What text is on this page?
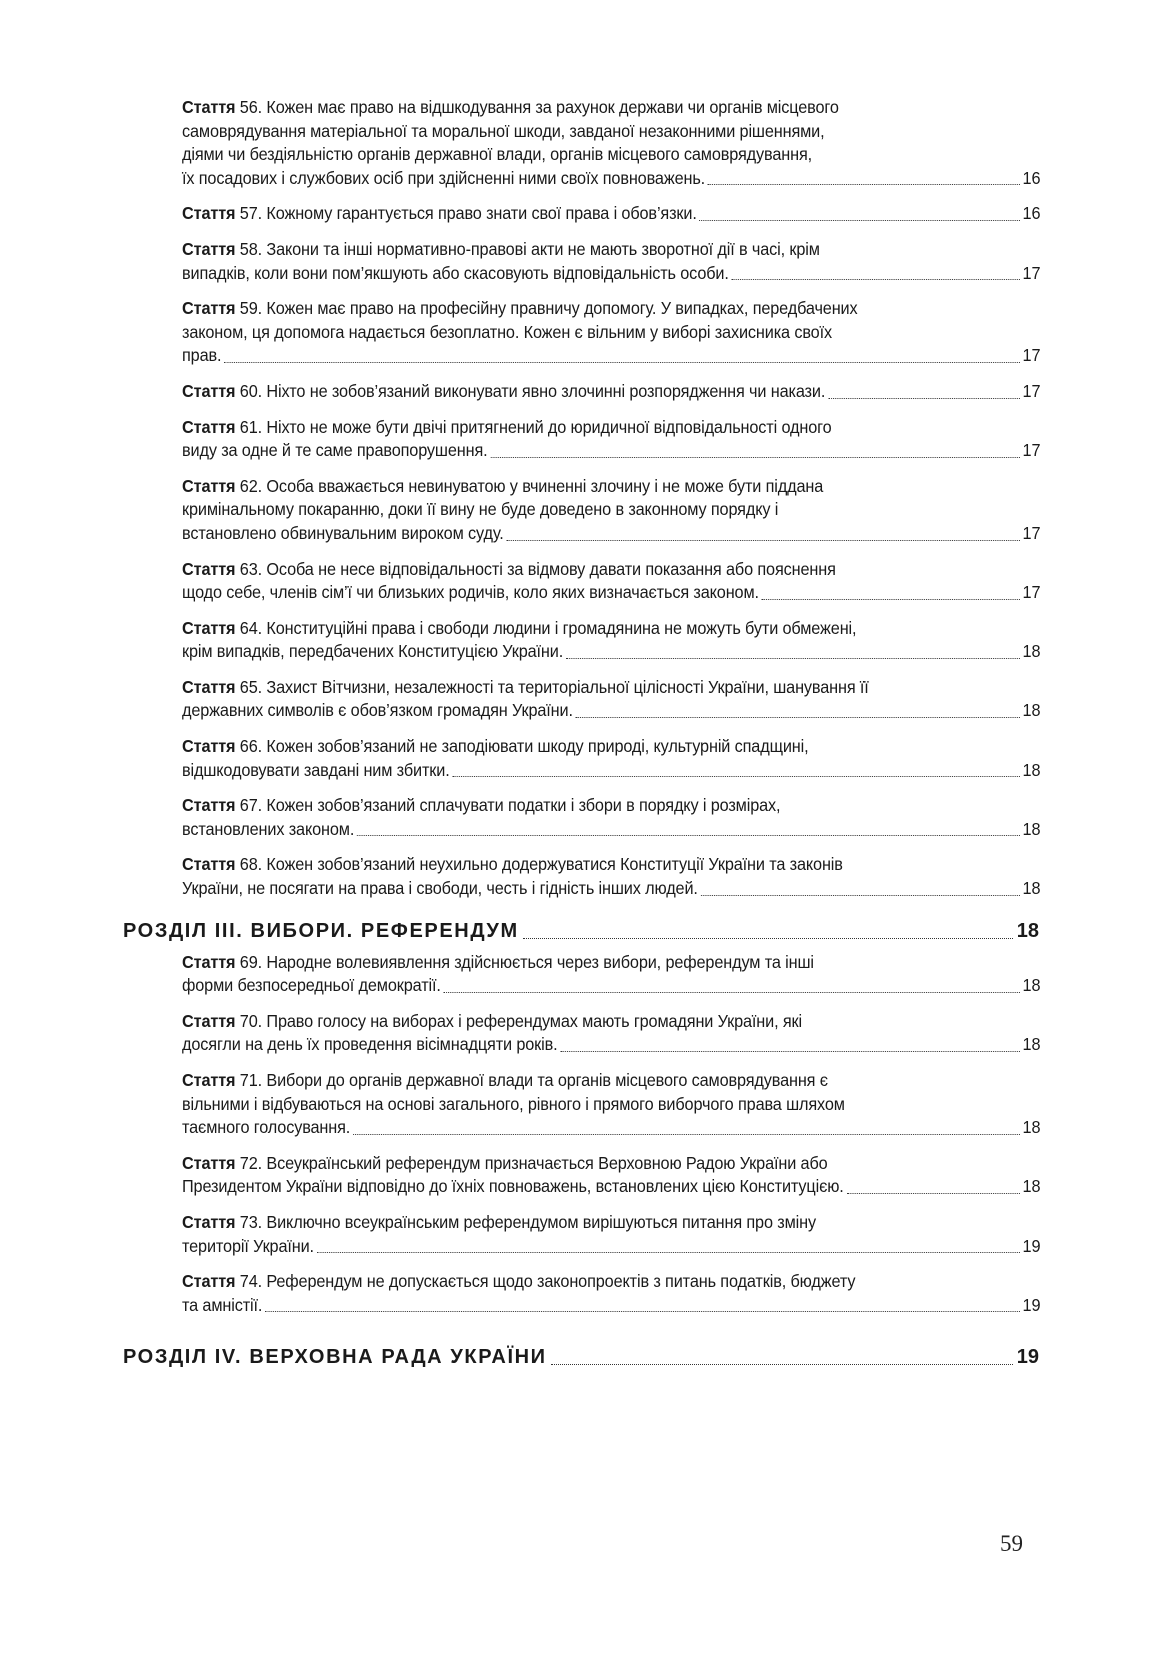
Стаття 56. Кожен має право на відшкодування за рахунок держави чи органів місцевого
самоврядування матеріальної та моральної шкоди, завданої незаконними рішеннями,
діями чи бездіяльністю органів державної влади, органів місцевого самоврядування,
їх посадових і службових осіб при здійсненні ними своїх повноважень.	16
Стаття 57. Кожному гарантується право знати свої права і обов’язки.	16
Стаття 58. Закони та інші нормативно-правові акти не мають зворотної дії в часі, крім
випадків, коли вони пом’якшують або скасовують відповідальність особи.	17
Стаття 59. Кожен має право на професійну правничу допомогу. У випадках, передбачених
законом, ця допомога надається безоплатно. Кожен є вільним у виборі захисника своїх
прав.	17
Стаття 60. Ніхто не зобов’язаний виконувати явно злочинні розпорядження чи накази.	17
Стаття 61. Ніхто не може бути двічі притягнений до юридичної відповідальності одного
виду за одне й те саме правопорушення.	17
Стаття 62. Особа вважається невинуватою у вчиненні злочину і не може бути піддана
кримінальному покаранню, доки її вину не буде доведено в законному порядку і
встановлено обвинувальним вироком суду.	17
Стаття 63. Особа не несе відповідальності за відмову давати показання або пояснення
щодо себе, членів сім’ї чи близьких родичів, коло яких визначається законом.	17
Стаття 64. Конституційні права і свободи людини і громадянина не можуть бути обмежені,
крім випадків, передбачених Конституцією України.	18
Стаття 65. Захист Вітчизни, незалежності та територіальної цілісності України, шанування її
державних символів є обов’язком громадян України.	18
Стаття 66. Кожен зобов’язаний не заподіювати шкоду природі, культурній спадщині,
відшкодовувати завдані ним збитки.	18
Стаття 67. Кожен зобов’язаний сплачувати податки і збори в порядку і розмірах,
встановлених законом.	18
Стаття 68. Кожен зобов’язаний неухильно додержуватися Конституції України та законів
України, не посягати на права і свободи, честь і гідність інших людей.	18
РОЗДІЛ III. ВИБОРИ. РЕФЕРЕНДУМ	18
Стаття 69. Народне волевиявлення здійснюється через вибори, референдум та інші
форми безпосередньої демократії.	18
Стаття 70. Право голосу на виборах і референдумах мають громадяни України, які
досягли на день їх проведення вісімнадцяти років.	18
Стаття 71. Вибори до органів державної влади та органів місцевого самоврядування є
вільними і відбуваються на основі загального, рівного і прямого виборчого права шляхом
таємного голосування.	18
Стаття 72. Всеукраїнський референдум призначається Верховною Радою України або
Президентом України відповідно до їхніх повноважень, встановлених цією Конституцією.	18
Стаття 73. Виключно всеукраїнським референдумом вирішуються питання про зміну
території України.	19
Стаття 74. Референдум не допускається щодо законопроектів з питань податків, бюджету
та амністії.	19
РОЗДІЛ IV. ВЕРХОВНА РАДА УКРАЇНИ	19
59
